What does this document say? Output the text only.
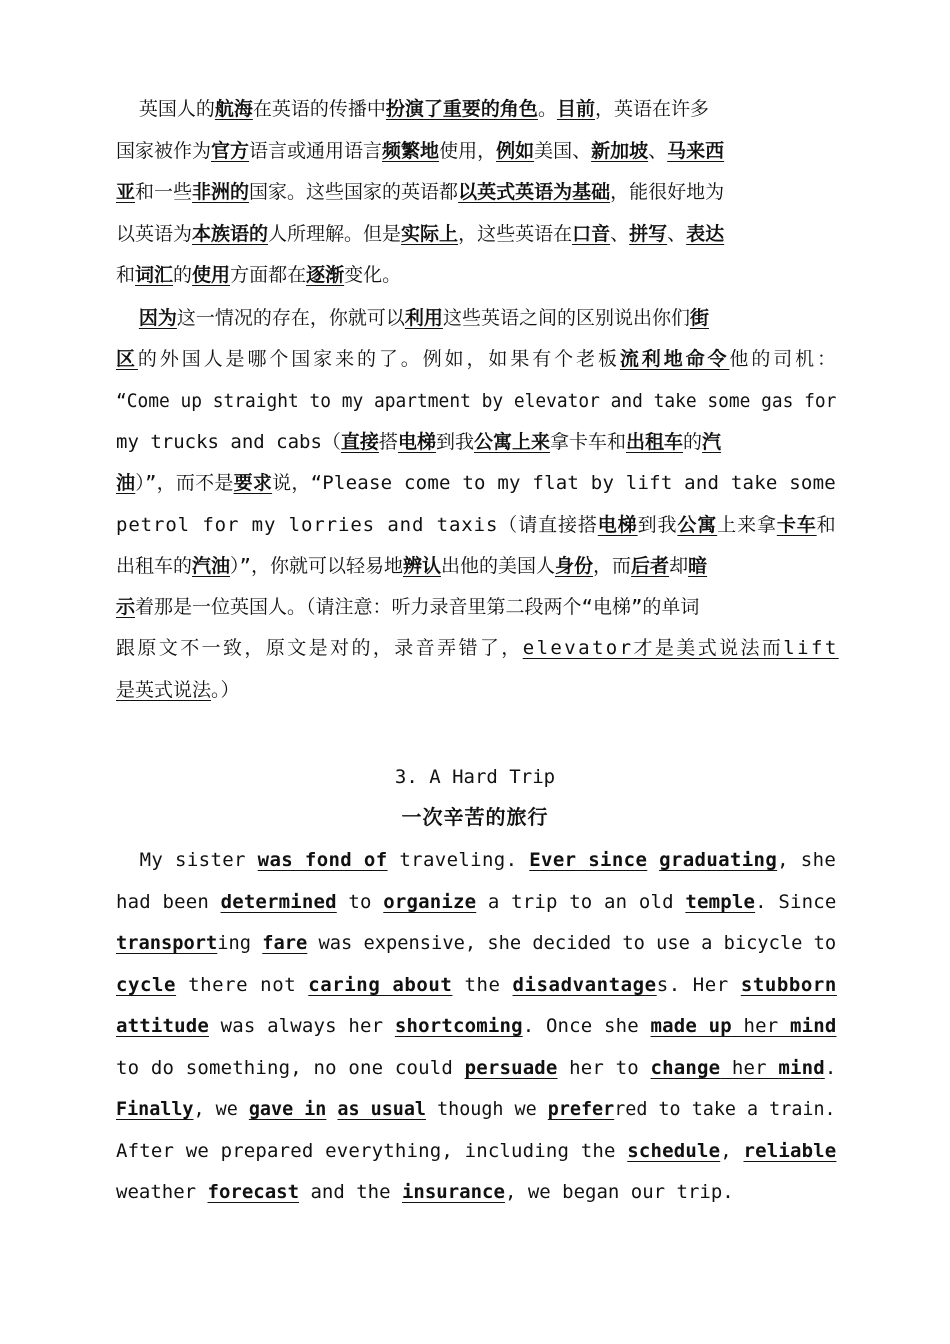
英国人的航海在英语的传播中扮演了重要的角色。目前，英语在许多
国家被作为官方语言或通用语言频繁地使用，例如美国、新加坡、马来西
亚和一些非洲的国家。这些国家的英语都以英式英语为基础，能很好地为
以英语为本族语的人所理解。但是实际上，这些英语在口音、拼写、表达
和词汇的使用方面都在逐渐变化。
因为这一情况的存在，你就可以利用这些英语之间的区别说出你们街
区的外国人是哪个国家来的了。例如，如果有个老板流利地命令他的司机：
“Come up straight to my apartment by elevator and take some gas for
my trucks and cabs（直接搭电梯到我公寓上来拿卡车和出租车的汽
油）”，而不是要求说，“Please come to my flat by lift and take some
petrol for my lorries and taxis（请直接搭电梯到我公寓上来拿卡车和
出租车的汽油）”，你就可以轻易地辨认出他的美国人身份，而后者却暗
示着那是一位英国人。（请注意：听力录音里第二段两个“电梯”的单词
跟原文不一致，原文是对的，录音弄错了，elevator才是美式说法而lift
是英式说法。）
3. A Hard Trip
一次辛苦的旅行
My sister was fond of traveling. Ever since graduating, she
had been determined to organize a trip to an old temple. Since
transporting fare was expensive, she decided to use a bicycle to
cycle there not caring about the disadvantages. Her stubborn
attitude was always her shortcoming. Once she made up her mind
to do something, no one could persuade her to change her mind.
Finally, we gave in as usual though we preferred to take a train.
After we prepared everything, including the schedule, reliable
weather forecast and the insurance, we began our trip.
